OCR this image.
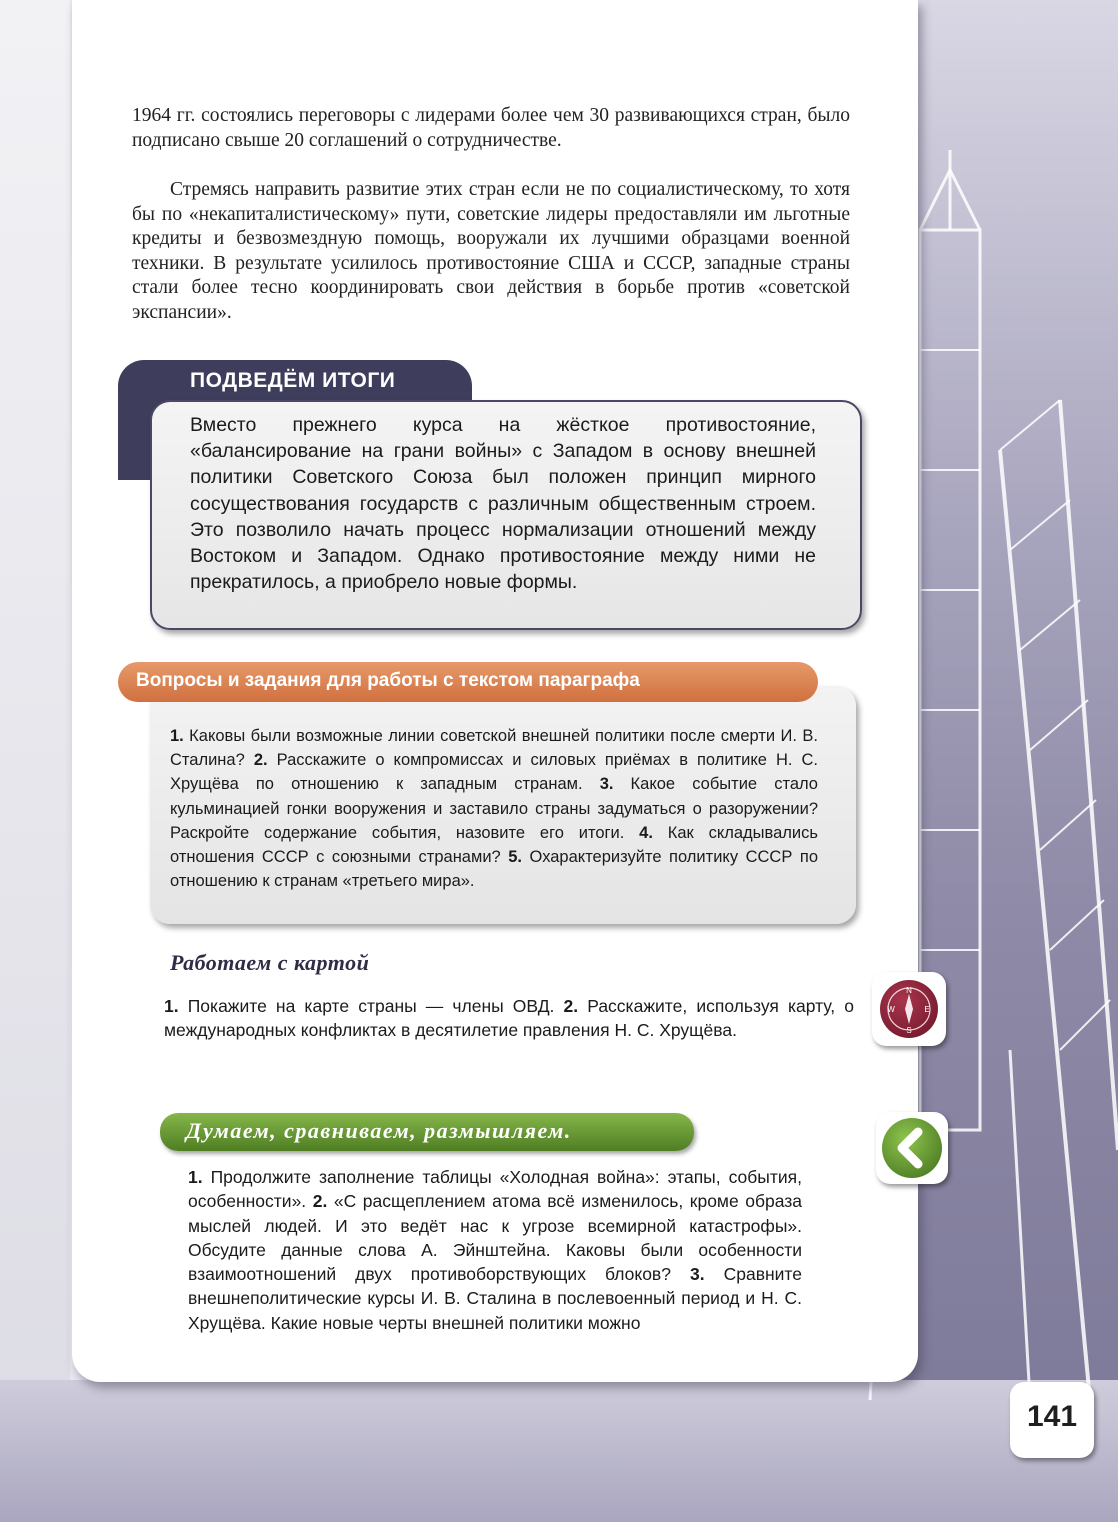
1964 гг. состоялись переговоры с лидерами более чем 30 развивающихся стран, было подписано свыше 20 соглашений о сотрудничестве.
Стремясь направить развитие этих стран если не по социалистическому, то хотя бы по «некапиталистическому» пути, советские лидеры предоставляли им льготные кредиты и безвозмездную помощь, вооружали их лучшими образцами военной техники. В результате усилилось противостояние США и СССР, западные страны стали более тесно координировать свои действия в борьбе против «советской экспансии».
ПОДВЕДЁМ ИТОГИ
Вместо прежнего курса на жёсткое противостояние, «балансирование на грани войны» с Западом в основу внешней политики Советского Союза был положен принцип мирного сосуществования государств с различным общественным строем. Это позволило начать процесс нормализации отношений между Востоком и Западом. Однако противостояние между ними не прекратилось, а приобрело новые формы.
Вопросы и задания для работы с текстом параграфа
1. Каковы были возможные линии советской внешней политики после смерти И. В. Сталина? 2. Расскажите о компромиссах и силовых приёмах в политике Н. С. Хрущёва по отношению к западным странам. 3. Какое событие стало кульминацией гонки вооружения и заставило страны задуматься о разоружении? Раскройте содержание события, назовите его итоги. 4. Как складывались отношения СССР с союзными странами? 5. Охарактеризуйте политику СССР по отношению к странам «третьего мира».
Работаем с картой
1. Покажите на карте страны — члены ОВД. 2. Расскажите, используя карту, о международных конфликтах в десятилетие правления Н. С. Хрущёва.
N
W	E
S
Думаем, сравниваем, размышляем.
1. Продолжите заполнение таблицы «Холодная война»: этапы, события, особенности». 2. «С расщеплением атома всё изменилось, кроме образа мыслей людей. И это ведёт нас к угрозе всемирной катастрофы». Обсудите данные слова А. Эйнштейна. Каковы были особенности взаимоотношений двух противоборствующих блоков? 3. Сравните внешнеполитические курсы И. В. Сталина в послевоенный период и Н. С. Хрущёва. Какие новые черты внешней политики можно
141
